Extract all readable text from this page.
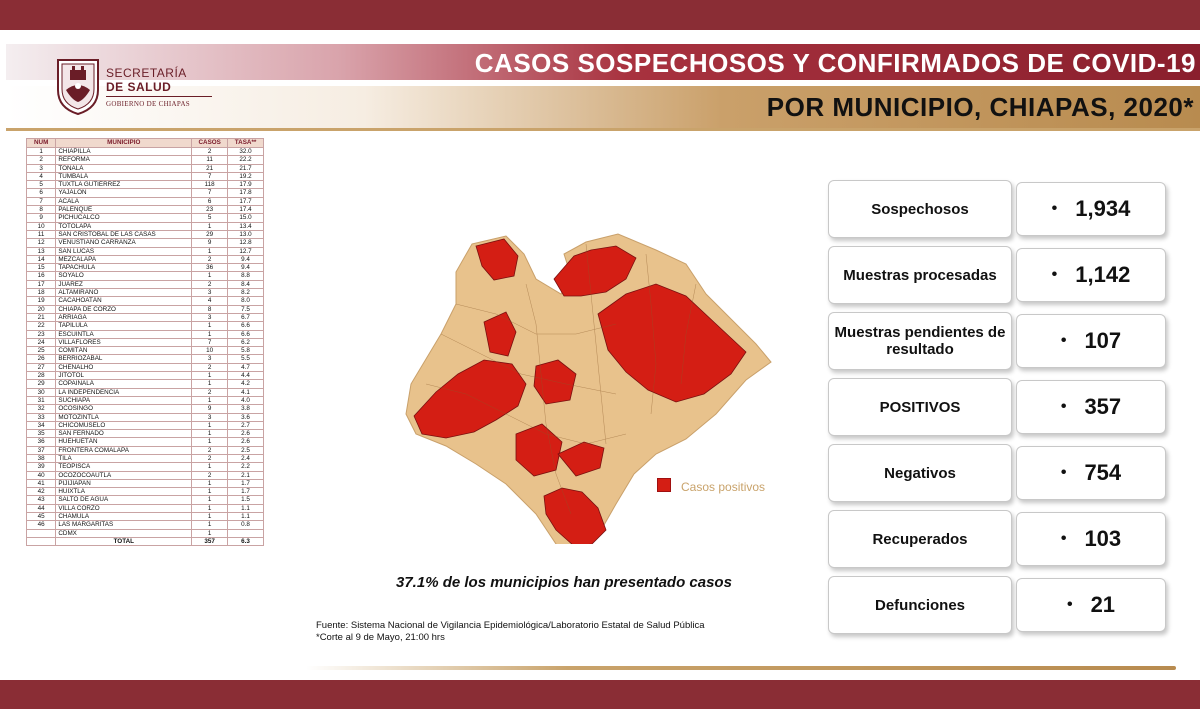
CASOS SOSPECHOSOS Y CONFIRMADOS DE COVID-19
POR MUNICIPIO, CHIAPAS, 2020*
SECRETARÍA
DE SALUD
GOBIERNO DE CHIAPAS
NUM	MUNICIPIO	CASOS	TASA**
1	CHIAPILLA	2	32.0
2	REFORMA	11	22.2
3	TONALÁ	21	21.7
4	TUMBALÁ	7	19.2
5	TUXTLA GUTIÉRREZ	118	17.9
6	YAJALÓN	7	17.8
7	ACALA	6	17.7
8	PALENQUE	23	17.4
9	PICHUCALCO	5	15.0
10	TOTOLAPA	1	13.4
11	SAN CRISTÓBAL DE LAS CASAS	29	13.0
12	VENUSTIANO CARRANZA	9	12.8
13	SAN LUCAS	1	12.7
14	MEZCALAPA	2	9.4
15	TAPACHULA	36	9.4
16	SOYALÓ	1	8.8
17	JUÁREZ	2	8.4
18	ALTAMIRANO	3	8.2
19	CACAHOATÁN	4	8.0
20	CHIAPA DE CORZO	8	7.5
21	ARRIAGA	3	6.7
22	TAPILULA	1	6.6
23	ESCUINTLA	1	6.6
24	VILLAFLORES	7	6.2
25	COMITÁN	10	5.8
26	BERRIOZÁBAL	3	5.5
27	CHENALHÓ	2	4.7
28	JITOTOL	1	4.4
29	COPAINALÁ	1	4.2
30	LA INDEPENDENCIA	2	4.1
31	SUCHIAPA	1	4.0
32	OCOSINGO	9	3.8
33	MOTOZINTLA	3	3.6
34	CHICOMUSELO	1	2.7
35	SAN FERNADO	1	2.6
36	HUEHUETÁN	1	2.6
37	FRONTERA COMALAPA	2	2.5
38	TILA	2	2.4
39	TEOPISCA	1	2.2
40	OCOZOCOAUTLA	2	2.1
41	PIJIJIAPAN	1	1.7
42	HUIXTLA	1	1.7
43	SALTO DE AGUA	1	1.5
44	VILLA CORZO	1	1.1
45	CHAMULA	1	1.1
46	LAS MARGARITAS	1	0.8
	CDMX	1	
	TOTAL	357	6.3
Casos positivos
37.1% de los municipios han presentado casos
Fuente: Sistema Nacional de Vigilancia Epidemiológica/Laboratorio Estatal de Salud Pública
*Corte al 9 de Mayo, 21:00 hrs
Sospechosos	• 1,934
Muestras procesadas	• 1,142
Muestras pendientes de resultado
• 107
POSITIVOS	• 357
Negativos	• 754
Recuperados	• 103
Defunciones	• 21
